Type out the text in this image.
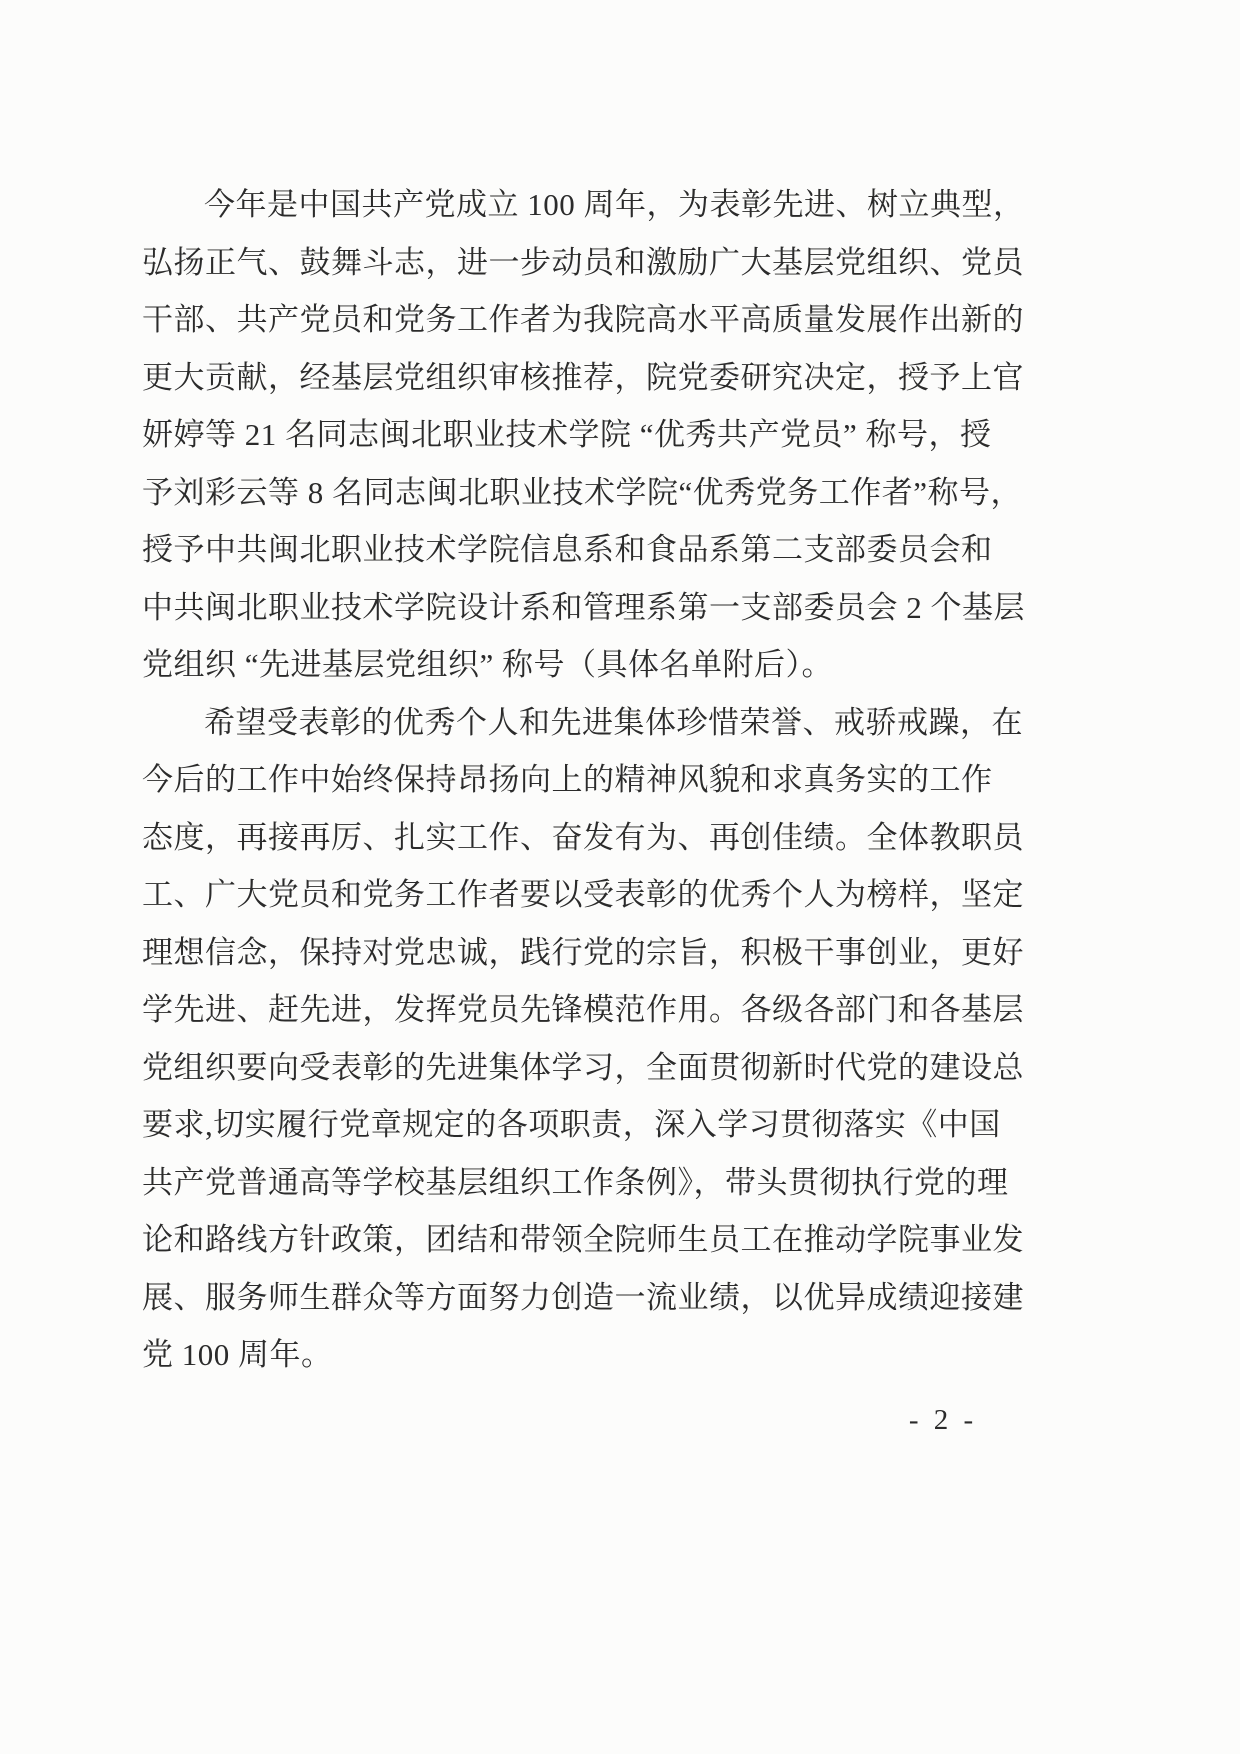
今年是中国共产党成立 100 周年，为表彰先进、树立典型，
弘扬正气、鼓舞斗志，进一步动员和激励广大基层党组织、党员
干部、共产党员和党务工作者为我院高水平高质量发展作出新的
更大贡献，经基层党组织审核推荐，院党委研究决定，授予上官
妍婷等 21 名同志闽北职业技术学院 “优秀共产党员” 称号，授
予刘彩云等 8 名同志闽北职业技术学院“优秀党务工作者”称号，
授予中共闽北职业技术学院信息系和食品系第二支部委员会和
中共闽北职业技术学院设计系和管理系第一支部委员会 2 个基层
党组织 “先进基层党组织” 称号（具体名单附后）。
希望受表彰的优秀个人和先进集体珍惜荣誉、戒骄戒躁，在
今后的工作中始终保持昂扬向上的精神风貌和求真务实的工作
态度，再接再厉、扎实工作、奋发有为、再创佳绩。全体教职员
工、广大党员和党务工作者要以受表彰的优秀个人为榜样，坚定
理想信念，保持对党忠诚，践行党的宗旨，积极干事创业，更好
学先进、赶先进，发挥党员先锋模范作用。各级各部门和各基层
党组织要向受表彰的先进集体学习，全面贯彻新时代党的建设总
要求,切实履行党章规定的各项职责，深入学习贯彻落实《中国
共产党普通高等学校基层组织工作条例》，带头贯彻执行党的理
论和路线方针政策，团结和带领全院师生员工在推动学院事业发
展、服务师生群众等方面努力创造一流业绩，以优异成绩迎接建
党 100 周年。
- 2 -
